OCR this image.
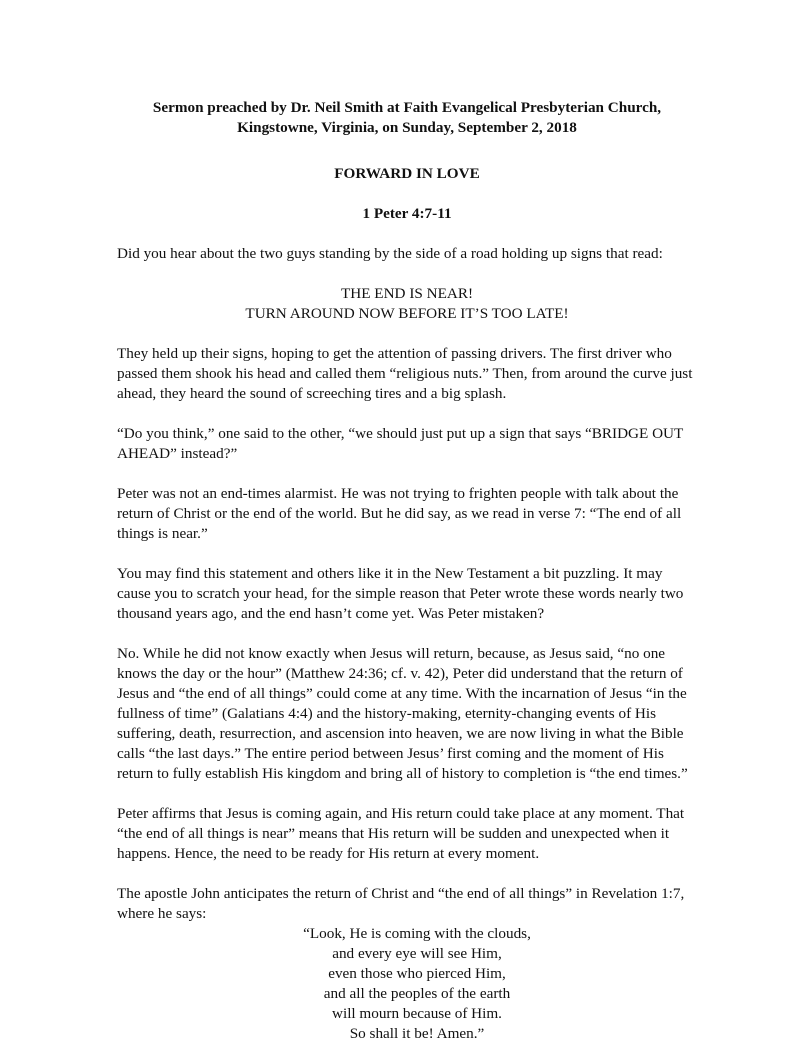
Sermon preached by Dr. Neil Smith at Faith Evangelical Presbyterian Church,
Kingstowne, Virginia, on Sunday, September 2, 2018

FORWARD IN LOVE

1 Peter 4:7-11

Did you hear about the two guys standing by the side of a road holding up signs that read:

THE END IS NEAR!
TURN AROUND NOW BEFORE IT’S TOO LATE!

They held up their signs, hoping to get the attention of passing drivers. The first driver who passed them shook his head and called them “religious nuts.” Then, from around the curve just ahead, they heard the sound of screeching tires and a big splash.

“Do you think,” one said to the other, “we should just put up a sign that says “BRIDGE OUT AHEAD” instead?”

Peter was not an end-times alarmist. He was not trying to frighten people with talk about the return of Christ or the end of the world. But he did say, as we read in verse 7: “The end of all things is near.”

You may find this statement and others like it in the New Testament a bit puzzling. It may cause you to scratch your head, for the simple reason that Peter wrote these words nearly two thousand years ago, and the end hasn’t come yet. Was Peter mistaken?

No. While he did not know exactly when Jesus will return, because, as Jesus said, “no one knows the day or the hour” (Matthew 24:36; cf. v. 42), Peter did understand that the return of Jesus and “the end of all things” could come at any time. With the incarnation of Jesus “in the fullness of time” (Galatians 4:4) and the history-making, eternity-changing events of His suffering, death, resurrection, and ascension into heaven, we are now living in what the Bible calls “the last days.” The entire period between Jesus’ first coming and the moment of His return to fully establish His kingdom and bring all of history to completion is “the end times.”

Peter affirms that Jesus is coming again, and His return could take place at any moment. That “the end of all things is near” means that His return will be sudden and unexpected when it happens. Hence, the need to be ready for His return at every moment.

The apostle John anticipates the return of Christ and “the end of all things” in Revelation 1:7, where he says:

“Look, He is coming with the clouds,
and every eye will see Him,
even those who pierced Him,
and all the peoples of the earth
will mourn because of Him.
So shall it be! Amen.”
